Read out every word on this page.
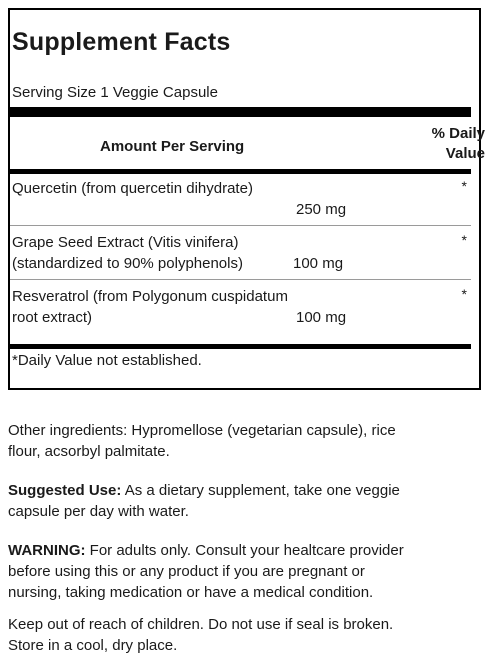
Supplement Facts
Serving Size 1 Veggie Capsule
Amount Per Serving
% Daily
Value
Quercetin (from quercetin dihydrate)
250 mg
*
Grape Seed Extract (Vitis vinifera)
(standardized to 90% polyphenols)	100 mg
*
Resveratrol (from Polygonum cuspidatum
root extract)	100 mg
*
*Daily Value not established.
Other ingredients: Hypromellose (vegetarian capsule), rice
flour, acsorbyl palmitate.
Suggested Use: As a dietary supplement, take one veggie
capsule per day with water.
WARNING: For adults only. Consult your healtcare provider
before using this or any product if you are pregnant or
nursing, taking medication or have a medical condition.
Keep out of reach of children. Do not use if seal is broken.
Store in a cool, dry place.
